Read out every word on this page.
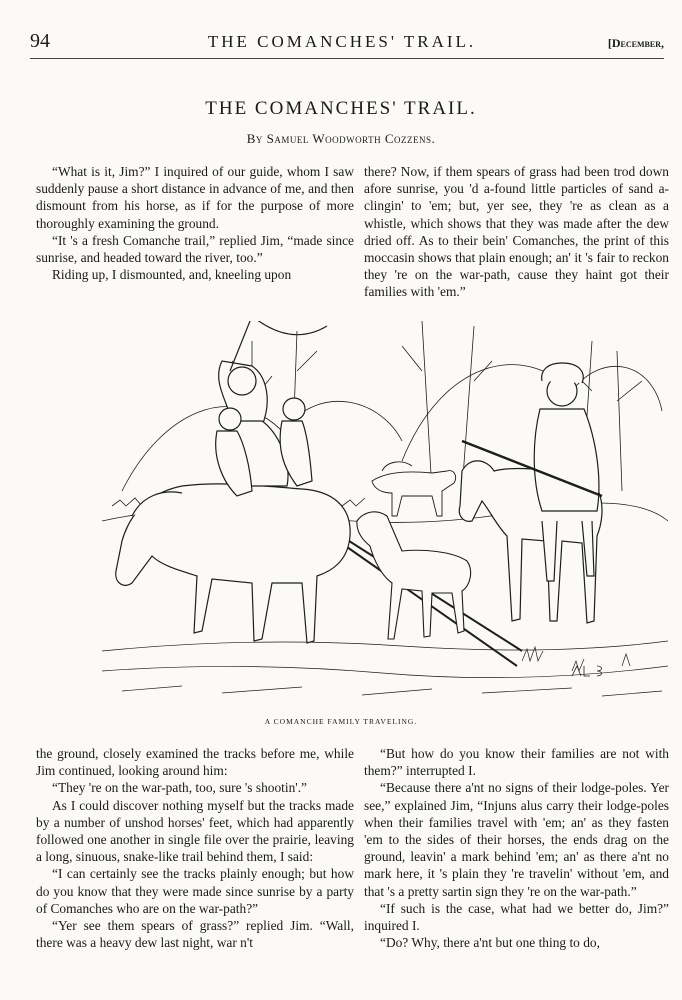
94	THE COMANCHES' TRAIL.	[December,
THE COMANCHES' TRAIL.
By Samuel Woodworth Cozzens.

“What is it, Jim?” I inquired of our guide, whom I saw suddenly pause a short distance in advance of me, and then dismount from his horse, as if for the purpose of more thoroughly examining the ground.

“It 's a fresh Comanche trail,” replied Jim, “made since sunrise, and headed toward the river, too.”

Riding up, I dismounted, and, kneeling upon

there? Now, if them spears of grass had been trod down afore sunrise, you 'd a-found little particles of sand a-clingin' to 'em; but, yer see, they 're as clean as a whistle, which shows that they was made after the dew dried off. As to their bein' Comanches, the print of this moccasin shows that plain enough; an' it 's fair to reckon they 're on the war-path, cause they haint got their families with 'em.”

A COMANCHE FAMILY TRAVELING.

the ground, closely examined the tracks before me, while Jim continued, looking around him:

“They 're on the war-path, too, sure 's shootin'.”

As I could discover nothing myself but the tracks made by a number of unshod horses' feet, which had apparently followed one another in single file over the prairie, leaving a long, sinuous, snake-like trail behind them, I said:

“I can certainly see the tracks plainly enough; but how do you know that they were made since sunrise by a party of Comanches who are on the war-path?”

“Yer see them spears of grass?” replied Jim. “Wall, there was a heavy dew last night, war n't

“But how do you know their families are not with them?” interrupted I.

“Because there a'nt no signs of their lodge-poles. Yer see,” explained Jim, “Injuns alus carry their lodge-poles when their families travel with 'em; an' as they fasten 'em to the sides of their horses, the ends drag on the ground, leavin' a mark behind 'em; an' as there a'nt no mark here, it 's plain they 're travelin' without 'em, and that 's a pretty sartin sign they 're on the war-path.”

“If such is the case, what had we better do, Jim?” inquired I.

“Do? Why, there a'nt but one thing to do,
